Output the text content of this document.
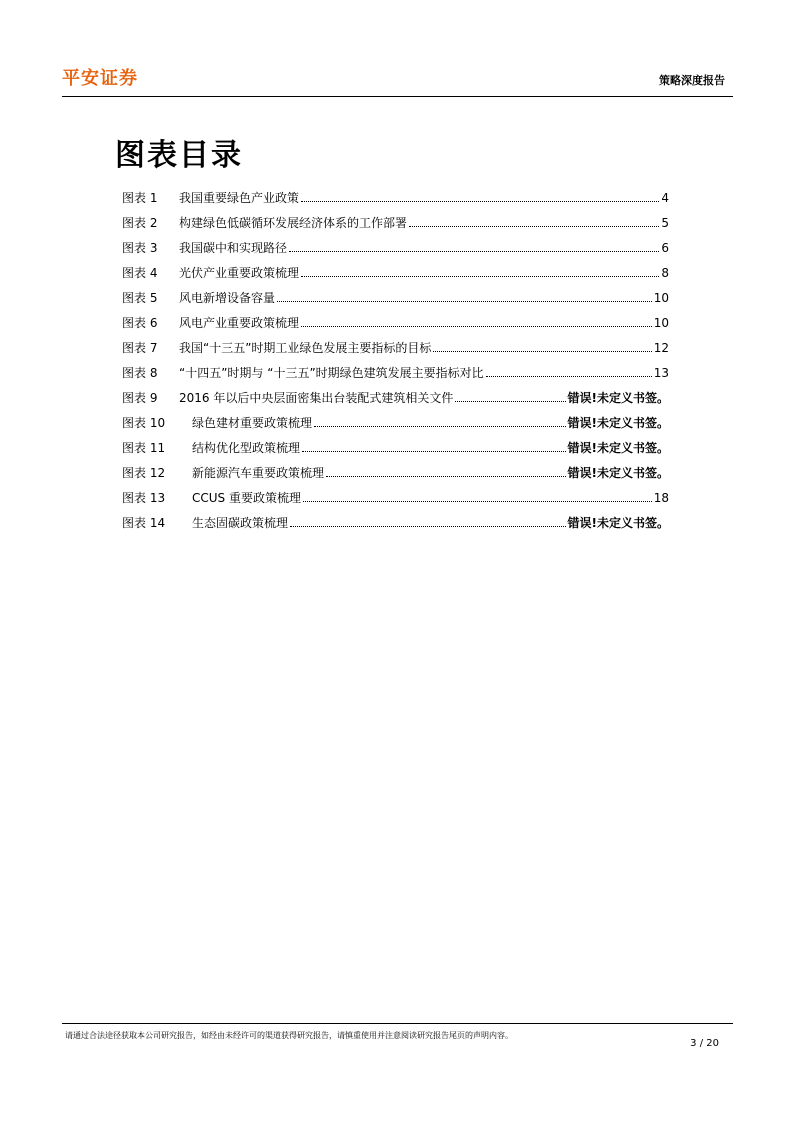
平安证券	策略深度报告
图表目录
图表 1	我国重要绿色产业政策	4
图表 2	构建绿色低碳循环发展经济体系的工作部署	5
图表 3	我国碳中和实现路径	6
图表 4	光伏产业重要政策梳理	8
图表 5	风电新增设备容量	10
图表 6	风电产业重要政策梳理	10
图表 7	我国“十三五”时期工业绿色发展主要指标的目标	12
图表 8	“十四五”时期与 “十三五”时期绿色建筑发展主要指标对比	13
图表 9	2016 年以后中央层面密集出台装配式建筑相关文件	错误!未定义书签。
图表 10	绿色建材重要政策梳理	错误!未定义书签。
图表 11	结构优化型政策梳理	错误!未定义书签。
图表 12	新能源汽车重要政策梳理	错误!未定义书签。
图表 13	CCUS 重要政策梳理	18
图表 14	生态固碳政策梳理	错误!未定义书签。
请通过合法途径获取本公司研究报告，如经由未经许可的渠道获得研究报告，请慎重使用并注意阅读研究报告尾页的声明内容。
3 / 20
